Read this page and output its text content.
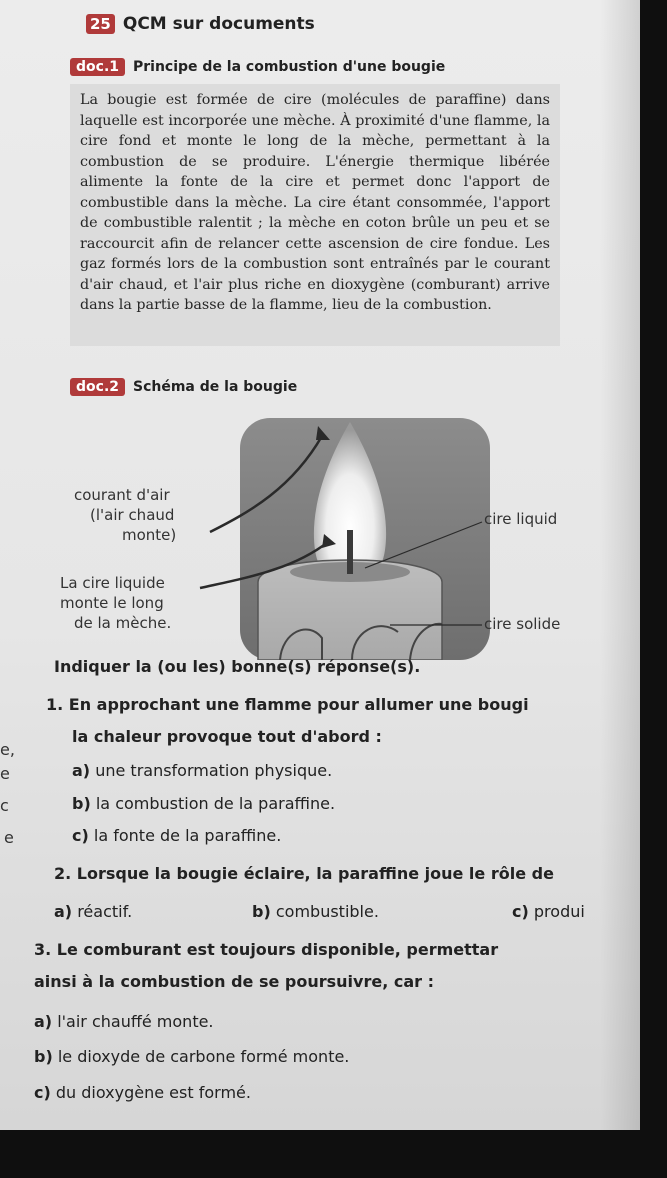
25 QCM sur documents
doc.1	Principe de la combustion d'une bougie

La bougie est formée de cire (molécules de paraffine) dans laquelle est incorporée une mèche. À proximité d'une flamme, la cire fond et monte le long de la mèche, permettant à la combustion de se produire. L'énergie thermique libérée alimente la fonte de la cire et permet donc l'apport de combustible dans la mèche. La cire étant consommée, l'apport de combustible ralentit ; la mèche en coton brûle un peu et se raccourcit afin de relancer cette ascension de cire fondue. Les gaz formés lors de la combustion sont entraînés par le courant d'air chaud, et l'air plus riche en dioxygène (comburant) arrive dans la partie basse de la flamme, lieu de la combustion.

doc.2	Schéma de la bougie
courant d'air
(l'air chaud
monte)
La cire liquide
monte le long
de la mèche.
cire liquid
cire solide
Indiquer la (ou les) bonne(s) réponse(s).
1. En approchant une flamme pour allumer une bougi
la chaleur provoque tout d'abord :
a) une transformation physique.
b) la combustion de la paraffine.
c) la fonte de la paraffine.
2. Lorsque la bougie éclaire, la paraffine joue le rôle de
a) réactif.	b) combustible.	c) produi
3. Le comburant est toujours disponible, permettar
ainsi à la combustion de se poursuivre, car :
a) l'air chauffé monte.
b) le dioxyde de carbone formé monte.
c) du dioxygène est formé.
e,
e
c
e
